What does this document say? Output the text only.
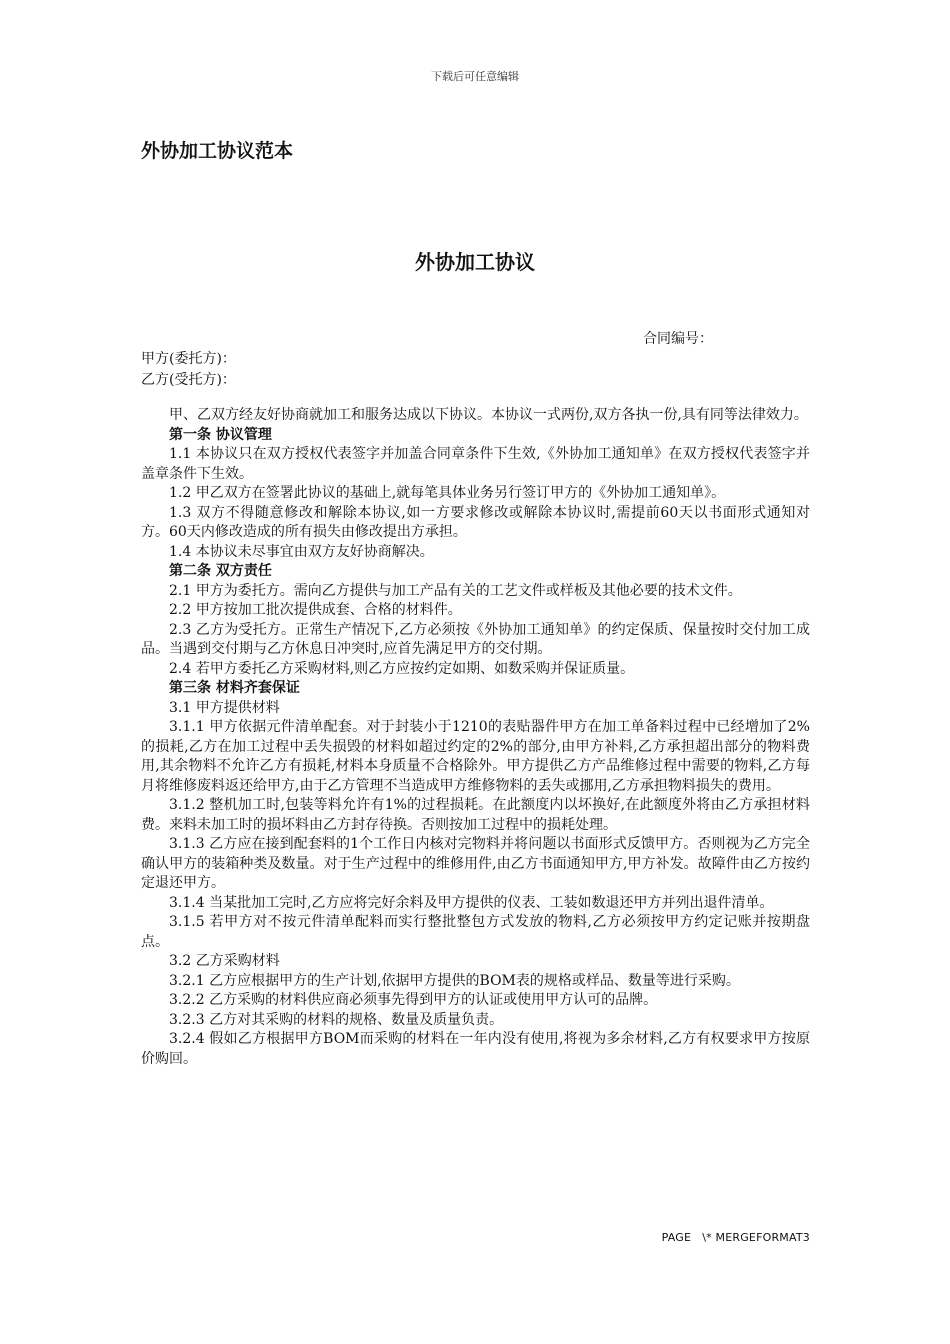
下载后可任意编辑
外协加工协议范本
外协加工协议
合同编号：
甲方(委托方)：
乙方(受托方)：

甲、乙双方经友好协商就加工和服务达成以下协议。本协议一式两份,双方各执一份,具有同等法律效力。

第一条 协议管理

1.1 本协议只在双方授权代表签字并加盖合同章条件下生效,《外协加工通知单》在双方授权代表签字并盖章条件下生效。

1.2 甲乙双方在签署此协议的基础上,就每笔具体业务另行签订甲方的《外协加工通知单》。

1.3 双方不得随意修改和解除本协议,如一方要求修改或解除本协议时,需提前60天以书面形式通知对方。60天内修改造成的所有损失由修改提出方承担。

1.4 本协议未尽事宜由双方友好协商解决。

第二条 双方责任

2.1 甲方为委托方。需向乙方提供与加工产品有关的工艺文件或样板及其他必要的技术文件。

2.2 甲方按加工批次提供成套、合格的材料件。

2.3 乙方为受托方。正常生产情况下,乙方必须按《外协加工通知单》的约定保质、保量按时交付加工成品。当遇到交付期与乙方休息日冲突时,应首先满足甲方的交付期。

2.4 若甲方委托乙方采购材料,则乙方应按约定如期、如数采购并保证质量。

第三条 材料齐套保证

3.1 甲方提供材料

3.1.1 甲方依据元件清单配套。对于封装小于1210的表贴器件甲方在加工单备料过程中已经增加了2%的损耗,乙方在加工过程中丢失损毁的材料如超过约定的2%的部分,由甲方补料,乙方承担超出部分的物料费用,其余物料不允许乙方有损耗,材料本身质量不合格除外。甲方提供乙方产品维修过程中需要的物料,乙方每月将维修废料返还给甲方,由于乙方管理不当造成甲方维修物料的丢失或挪用,乙方承担物料损失的费用。

3.1.2 整机加工时,包装等料允许有1%的过程损耗。在此额度内以坏换好,在此额度外将由乙方承担材料费。来料未加工时的损坏料由乙方封存待换。否则按加工过程中的损耗处理。

3.1.3 乙方应在接到配套料的1个工作日内核对完物料并将问题以书面形式反馈甲方。否则视为乙方完全确认甲方的装箱种类及数量。对于生产过程中的维修用件,由乙方书面通知甲方,甲方补发。故障件由乙方按约定退还甲方。

3.1.4 当某批加工完时,乙方应将完好余料及甲方提供的仪表、工装如数退还甲方并列出退件清单。

3.1.5 若甲方对不按元件清单配料而实行整批整包方式发放的物料,乙方必须按甲方约定记账并按期盘点。

3.2 乙方采购材料

3.2.1 乙方应根据甲方的生产计划,依据甲方提供的BOM表的规格或样品、数量等进行采购。

3.2.2 乙方采购的材料供应商必须事先得到甲方的认证或使用甲方认可的品牌。

3.2.3 乙方对其采购的材料的规格、数量及质量负责。

3.2.4 假如乙方根据甲方BOM而采购的材料在一年内没有使用,将视为多余材料,乙方有权要求甲方按原价购回。

PAGE   \* MERGEFORMAT3
